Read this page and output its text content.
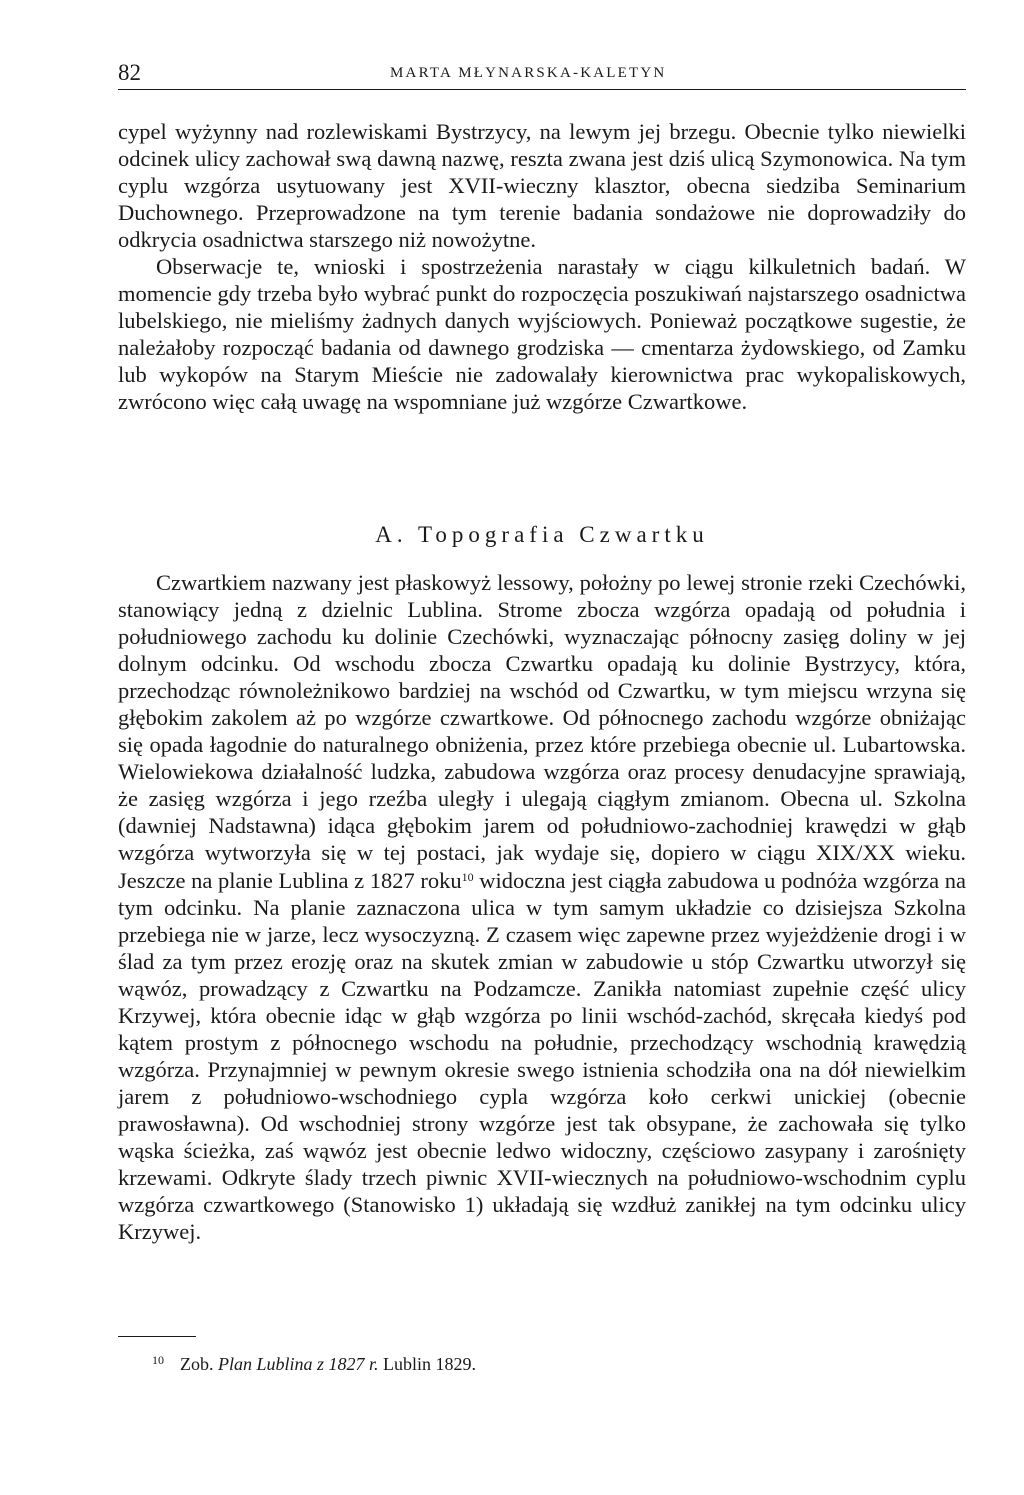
82	MARTA MŁYNARSKA-KALETYN

cypel wyżynny nad rozlewiskami Bystrzycy, na lewym jej brzegu. Obecnie tylko niewielki odcinek ulicy zachował swą dawną nazwę, reszta zwana jest dziś ulicą Szymonowica. Na tym cyplu wzgórza usytuowany jest XVII-wieczny klasztor, obecna siedziba Seminarium Duchownego. Przeprowadzone na tym terenie badania sondażowe nie doprowadziły do odkrycia osadnictwa starszego niż nowożytne.

Obserwacje te, wnioski i spostrzeżenia narastały w ciągu kilkuletnich badań. W momencie gdy trzeba było wybrać punkt do rozpoczęcia poszukiwań najstarszego osadnictwa lubelskiego, nie mieliśmy żadnych danych wyjściowych. Ponieważ początkowe sugestie, że należałoby rozpocząć badania od dawnego grodziska — cmentarza żydowskiego, od Zamku lub wykopów na Starym Mieście nie zadowalały kierownictwa prac wykopaliskowych, zwrócono więc całą uwagę na wspomniane już wzgórze Czwartkowe.

A. Topografia Czwartku

Czwartkiem nazwany jest płaskowyż lessowy, położny po lewej stronie rzeki Czechówki, stanowiący jedną z dzielnic Lublina. Strome zbocza wzgórza opadają od południa i południowego zachodu ku dolinie Czechówki, wyznaczając północny zasięg doliny w jej dolnym odcinku. Od wschodu zbocza Czwartku opadają ku dolinie Bystrzycy, która, przechodząc równoleżnikowo bardziej na wschód od Czwartku, w tym miejscu wrzyna się głębokim zakolem aż po wzgórze czwartkowe. Od północnego zachodu wzgórze obniżając się opada łagodnie do naturalnego obniżenia, przez które przebiega obecnie ul. Lubartowska. Wielowiekowa działalność ludzka, zabudowa wzgórza oraz procesy denudacyjne sprawiają, że zasięg wzgórza i jego rzeźba uległy i ulegają ciągłym zmianom. Obecna ul. Szkolna (dawniej Nadstawna) idąca głębokim jarem od południowo-zachodniej krawędzi w głąb wzgórza wytworzyła się w tej postaci, jak wydaje się, dopiero w ciągu XIX/XX wieku. Jeszcze na planie Lublina z 1827 roku$^{10}$ widoczna jest ciągła zabudowa u podnóża wzgórza na tym odcinku. Na planie zaznaczona ulica w tym samym układzie co dzisiejsza Szkolna przebiega nie w jarze, lecz wysoczyzną. Z czasem więc zapewne przez wyjeżdżenie drogi i w ślad za tym przez erozję oraz na skutek zmian w zabudowie u stóp Czwartku utworzył się wąwóz, prowadzący z Czwartku na Podzamcze. Zanikła natomiast zupełnie część ulicy Krzywej, która obecnie idąc w głąb wzgórza po linii wschód-zachód, skręcała kiedyś pod kątem prostym z północnego wschodu na południe, przechodzący wschodnią krawędzią wzgórza. Przynajmniej w pewnym okresie swego istnienia schodziła ona na dół niewielkim jarem z południowo-wschodniego cypla wzgórza koło cerkwi unickiej (obecnie prawosławna). Od wschodniej strony wzgórze jest tak obsypane, że zachowała się tylko wąska ścieżka, zaś wąwóz jest obecnie ledwo widoczny, częściowo zasypany i zarośnięty krzewami. Odkryte ślady trzech piwnic XVII-wiecznych na południowo-wschodnim cyplu wzgórza czwartkowego (Stanowisko 1) układają się wzdłuż zanikłej na tym odcinku ulicy Krzywej.

$^{10}$ Zob. Plan Lublina z 1827 r. Lublin 1829.
